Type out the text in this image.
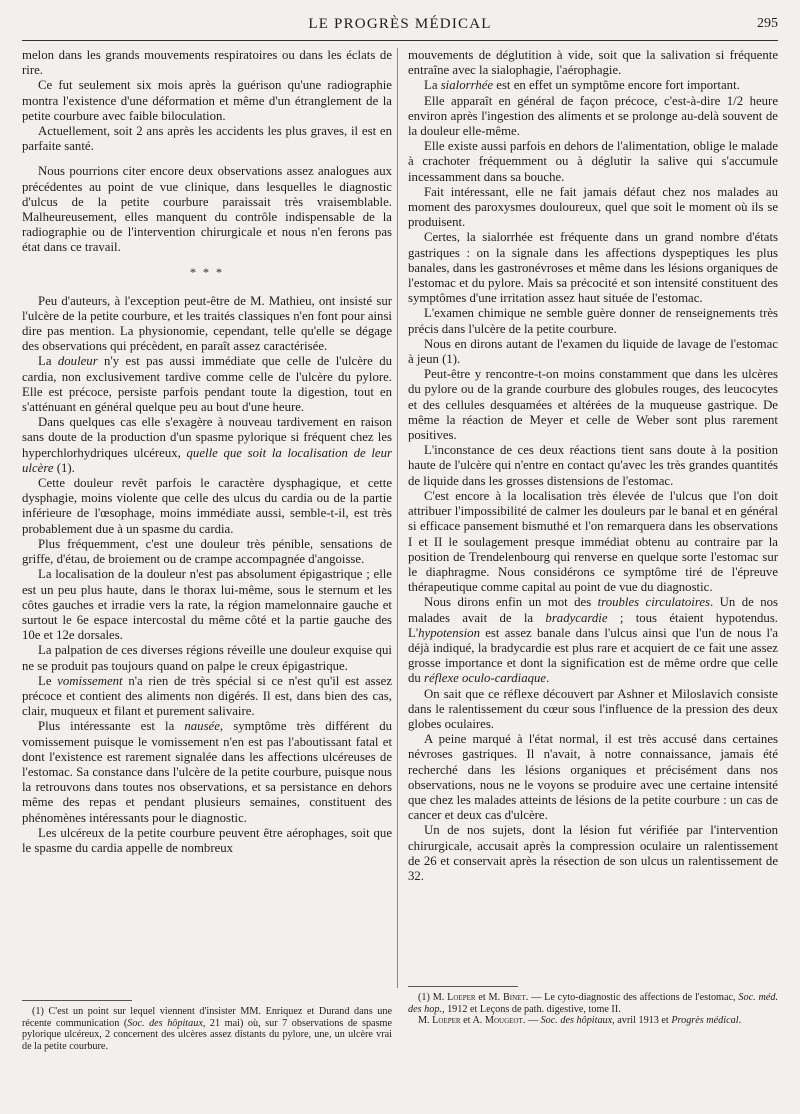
LE PROGRÈS MÉDICAL	295

melon dans les grands mouvements respiratoires ou dans les éclats de rire.

Ce fut seulement six mois après la guérison qu'une radiographie montra l'existence d'une déformation et même d'un étranglement de la petite courbure avec faible biloculation.

Actuellement, soit 2 ans après les accidents les plus graves, il est en parfaite santé.

Nous pourrions citer encore deux observations assez analogues aux précédentes au point de vue clinique, dans lesquelles le diagnostic d'ulcus de la petite courbure paraissait très vraisemblable. Malheureusement, elles manquent du contrôle indispensable de la radiographie ou de l'intervention chirurgicale et nous n'en ferons pas état dans ce travail.

* * *

Peu d'auteurs, à l'exception peut-être de M. Mathieu, ont insisté sur l'ulcère de la petite courbure, et les traités classiques n'en font pour ainsi dire pas mention. La physionomie, cependant, telle qu'elle se dégage des observations qui précèdent, en paraît assez caractérisée.

La douleur n'y est pas aussi immédiate que celle de l'ulcère du cardia, non exclusivement tardive comme celle de l'ulcère du pylore. Elle est précoce, persiste parfois pendant toute la digestion, tout en s'atténuant en général quelque peu au bout d'une heure.

Dans quelques cas elle s'exagère à nouveau tardivement en raison sans doute de la production d'un spasme pylorique si fréquent chez les hyperchlorhydriques ulcéreux, quelle que soit la localisation de leur ulcère (1).

Cette douleur revêt parfois le caractère dysphagique, et cette dysphagie, moins violente que celle des ulcus du cardia ou de la partie inférieure de l'œsophage, moins immédiate aussi, semble-t-il, est très probablement due à un spasme du cardia.

Plus fréquemment, c'est une douleur très pénible, sensations de griffe, d'étau, de broiement ou de crampe accompagnée d'angoisse.

La localisation de la douleur n'est pas absolument épigastrique ; elle est un peu plus haute, dans le thorax lui-même, sous le sternum et les côtes gauches et irradie vers la rate, la région mamelonnaire gauche et surtout le 6e espace intercostal du même côté et la partie gauche des 10e et 12e dorsales.

La palpation de ces diverses régions réveille une douleur exquise qui ne se produit pas toujours quand on palpe le creux épigastrique.

Le vomissement n'a rien de très spécial si ce n'est qu'il est assez précoce et contient des aliments non digérés. Il est, dans bien des cas, clair, muqueux et filant et purement salivaire.

Plus intéressante est la nausée, symptôme très différent du vomissement puisque le vomissement n'en est pas l'aboutissant fatal et dont l'existence est rarement signalée dans les affections ulcéreuses de l'estomac. Sa constance dans l'ulcère de la petite courbure, puisque nous la retrouvons dans toutes nos observations, et sa persistance en dehors même des repas et pendant plusieurs semaines, constituent des phénomènes intéressants pour le diagnostic.

Les ulcéreux de la petite courbure peuvent être aérophages, soit que le spasme du cardia appelle de nombreux

mouvements de déglutition à vide, soit que la salivation si fréquente entraîne avec la sialophagie, l'aérophagie.

La sialorrhée est en effet un symptôme encore fort important.

Elle apparaît en général de façon précoce, c'est-à-dire 1/2 heure environ après l'ingestion des aliments et se prolonge au-delà souvent de la douleur elle-même.

Elle existe aussi parfois en dehors de l'alimentation, oblige le malade à crachoter fréquemment ou à déglutir la salive qui s'accumule incessamment dans sa bouche.

Fait intéressant, elle ne fait jamais défaut chez nos malades au moment des paroxysmes douloureux, quel que soit le moment où ils se produisent.

Certes, la sialorrhée est fréquente dans un grand nombre d'états gastriques : on la signale dans les affections dyspeptiques les plus banales, dans les gastronévroses et même dans les lésions organiques de l'estomac et du pylore. Mais sa précocité et son intensité constituent des symptômes d'une irritation assez haut située de l'estomac.

L'examen chimique ne semble guère donner de renseignements très précis dans l'ulcère de la petite courbure.

Nous en dirons autant de l'examen du liquide de lavage de l'estomac à jeun (1).

Peut-être y rencontre-t-on moins constamment que dans les ulcères du pylore ou de la grande courbure des globules rouges, des leucocytes et des cellules desquamées et altérées de la muqueuse gastrique. De même la réaction de Meyer et celle de Weber sont plus rarement positives.

L'inconstance de ces deux réactions tient sans doute à la position haute de l'ulcère qui n'entre en contact qu'avec les très grandes quantités de liquide dans les grosses distensions de l'estomac.

C'est encore à la localisation très élevée de l'ulcus que l'on doit attribuer l'impossibilité de calmer les douleurs par le banal et en général si efficace pansement bismuthé et l'on remarquera dans les observations I et II le soulagement presque immédiat obtenu au contraire par la position de Trendelenbourg qui renverse en quelque sorte l'estomac sur le diaphragme. Nous considérons ce symptôme tiré de l'épreuve thérapeutique comme capital au point de vue du diagnostic.

Nous dirons enfin un mot des troubles circulatoires. Un de nos malades avait de la bradycardie ; tous étaient hypotendus. L'hypotension est assez banale dans l'ulcus ainsi que l'un de nous l'a déjà indiqué, la bradycardie est plus rare et acquiert de ce fait une assez grosse importance et dont la signification est de même ordre que celle du réflexe oculo-cardiaque.

On sait que ce réflexe découvert par Ashner et Miloslavich consiste dans le ralentissement du cœur sous l'influence de la pression des deux globes oculaires.

A peine marqué à l'état normal, il est très accusé dans certaines névroses gastriques. Il n'avait, à notre connaissance, jamais été recherché dans les lésions organiques et précisément dans nos observations, nous ne le voyons se produire avec une certaine intensité que chez les malades atteints de lésions de la petite courbure : un cas de cancer et deux cas d'ulcère.

Un de nos sujets, dont la lésion fut vérifiée par l'intervention chirurgicale, accusait après la compression oculaire un ralentissement de 26 et conservait après la résection de son ulcus un ralentissement de 32.

(1) C'est un point sur lequel viennent d'insister MM. Enriquez et Durand dans une récente communication (Soc. des hôpitaux, 21 mai) où, sur 7 observations de spasme pylorique ulcéreux, 2 concernent des ulcères assez distants du pylore, une, un ulcère vrai de la petite courbure.

(1) M. Loeper et M. Binet. — Le cyto-diagnostic des affections de l'estomac, Soc. méd. des hop., 1912 et Leçons de path. digestive, tome II.

M. Loeper et A. Mougeot. — Soc. des hôpitaux, avril 1913 et Progrès médical.
